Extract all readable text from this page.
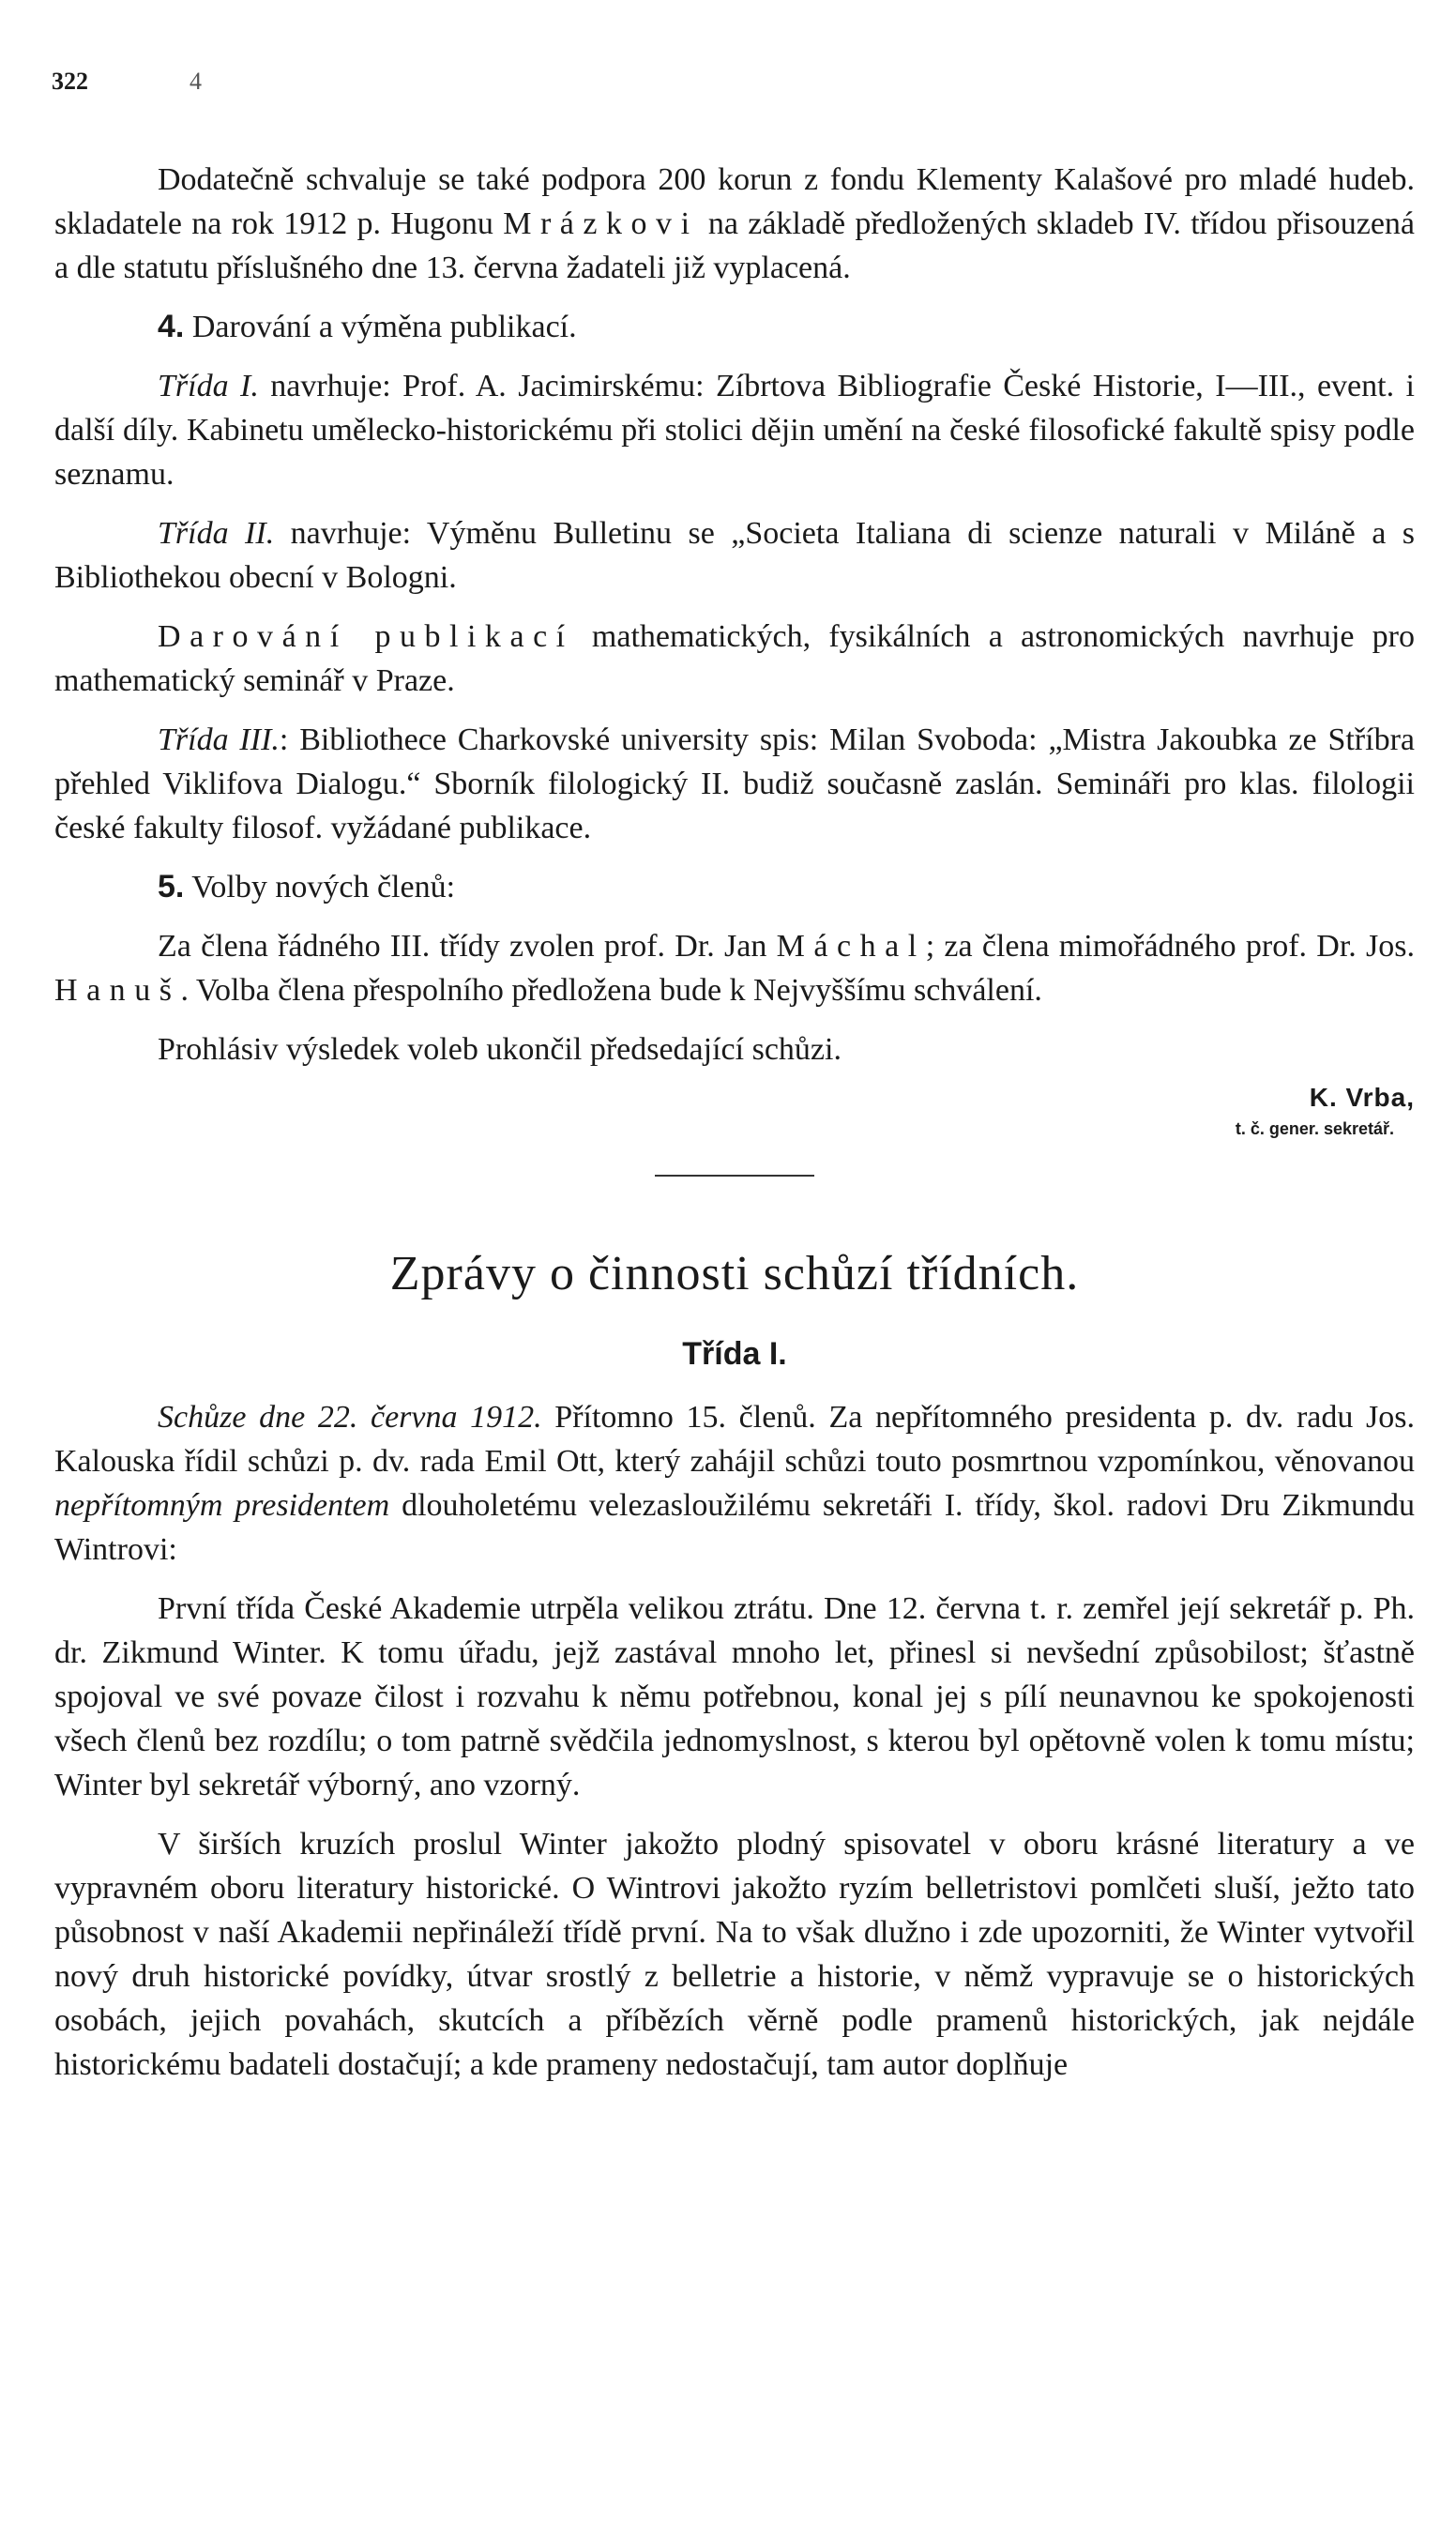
322	4

Dodatečně schvaluje se také podpora 200 korun z fondu Klementy Kalašové pro mladé hudeb. skladatele na rok 1912 p. Hugonu Mrázkovi na základě předložených skladeb IV. třídou přisouzená a dle statutu příslušného dne 13. června žadateli již vyplacená.

4. Darování a výměna publikací.

Třída I. navrhuje: Prof. A. Jacimirskému: Zíbrtova Bibliografie České Historie, I—III., event. i další díly. Kabinetu umělecko-historickému při stolici dějin umění na české filosofické fakultě spisy podle seznamu.

Třída II. navrhuje: Výměnu Bulletinu se „Societa Italiana di scienze naturali v Miláně a s Bibliothekou obecní v Bologni.

Darování publikací mathematických, fysikálních a astronomických navrhuje pro mathematický seminář v Praze.

Třída III.: Bibliothece Charkovské university spis: Milan Svoboda: „Mistra Jakoubka ze Stříbra přehled Viklifova Dialogu.“ Sborník filologický II. budiž současně zaslán. Semináři pro klas. filologii české fakulty filosof. vyžádané publikace.

5. Volby nových členů:

Za člena řádného III. třídy zvolen prof. Dr. Jan Máchal; za člena mimořádného prof. Dr. Jos. Hanuš. Volba člena přespolního předložena bude k Nejvyššímu schválení.

Prohlásiv výsledek voleb ukončil předsedající schůzi.

K. Vrba,
t. č. gener. sekretář.
Zprávy o činnosti schůzí třídních.
Třída I.

Schůze dne 22. června 1912. Přítomno 15. členů. Za nepřítomného presidenta p. dv. radu Jos. Kalouska řídil schůzi p. dv. rada Emil Ott, který zahájil schůzi touto posmrtnou vzpomínkou, věnovanou nepřítomným presidentem dlouholetému velezasloužilému sekretáři I. třídy, škol. radovi Dru Zikmundu Wintrovi:

První třída České Akademie utrpěla velikou ztrátu. Dne 12. června t. r. zemřel její sekretář p. Ph. dr. Zikmund Winter. K tomu úřadu, jejž zastával mnoho let, přinesl si nevšední způsobilost; šťastně spojoval ve své povaze čilost i rozvahu k němu potřebnou, konal jej s pílí neunavnou ke spokojenosti všech členů bez rozdílu; o tom patrně svědčila jednomyslnost, s kterou byl opětovně volen k tomu místu; Winter byl sekretář výborný, ano vzorný.

V širších kruzích proslul Winter jakožto plodný spisovatel v oboru krásné literatury a ve vypravném oboru literatury historické. O Wintrovi jakožto ryzím belletristovi pomlčeti sluší, ježto tato působnost v naší Akademii nepřináleží třídě první. Na to však dlužno i zde upozorniti, že Winter vytvořil nový druh historické povídky, útvar srostlý z belletrie a historie, v němž vypravuje se o historických osobách, jejich povahách, skutcích a příbězích věrně podle pramenů historických, jak nejdále historickému badateli dostačují; a kde prameny nedostačují, tam autor doplňuje
